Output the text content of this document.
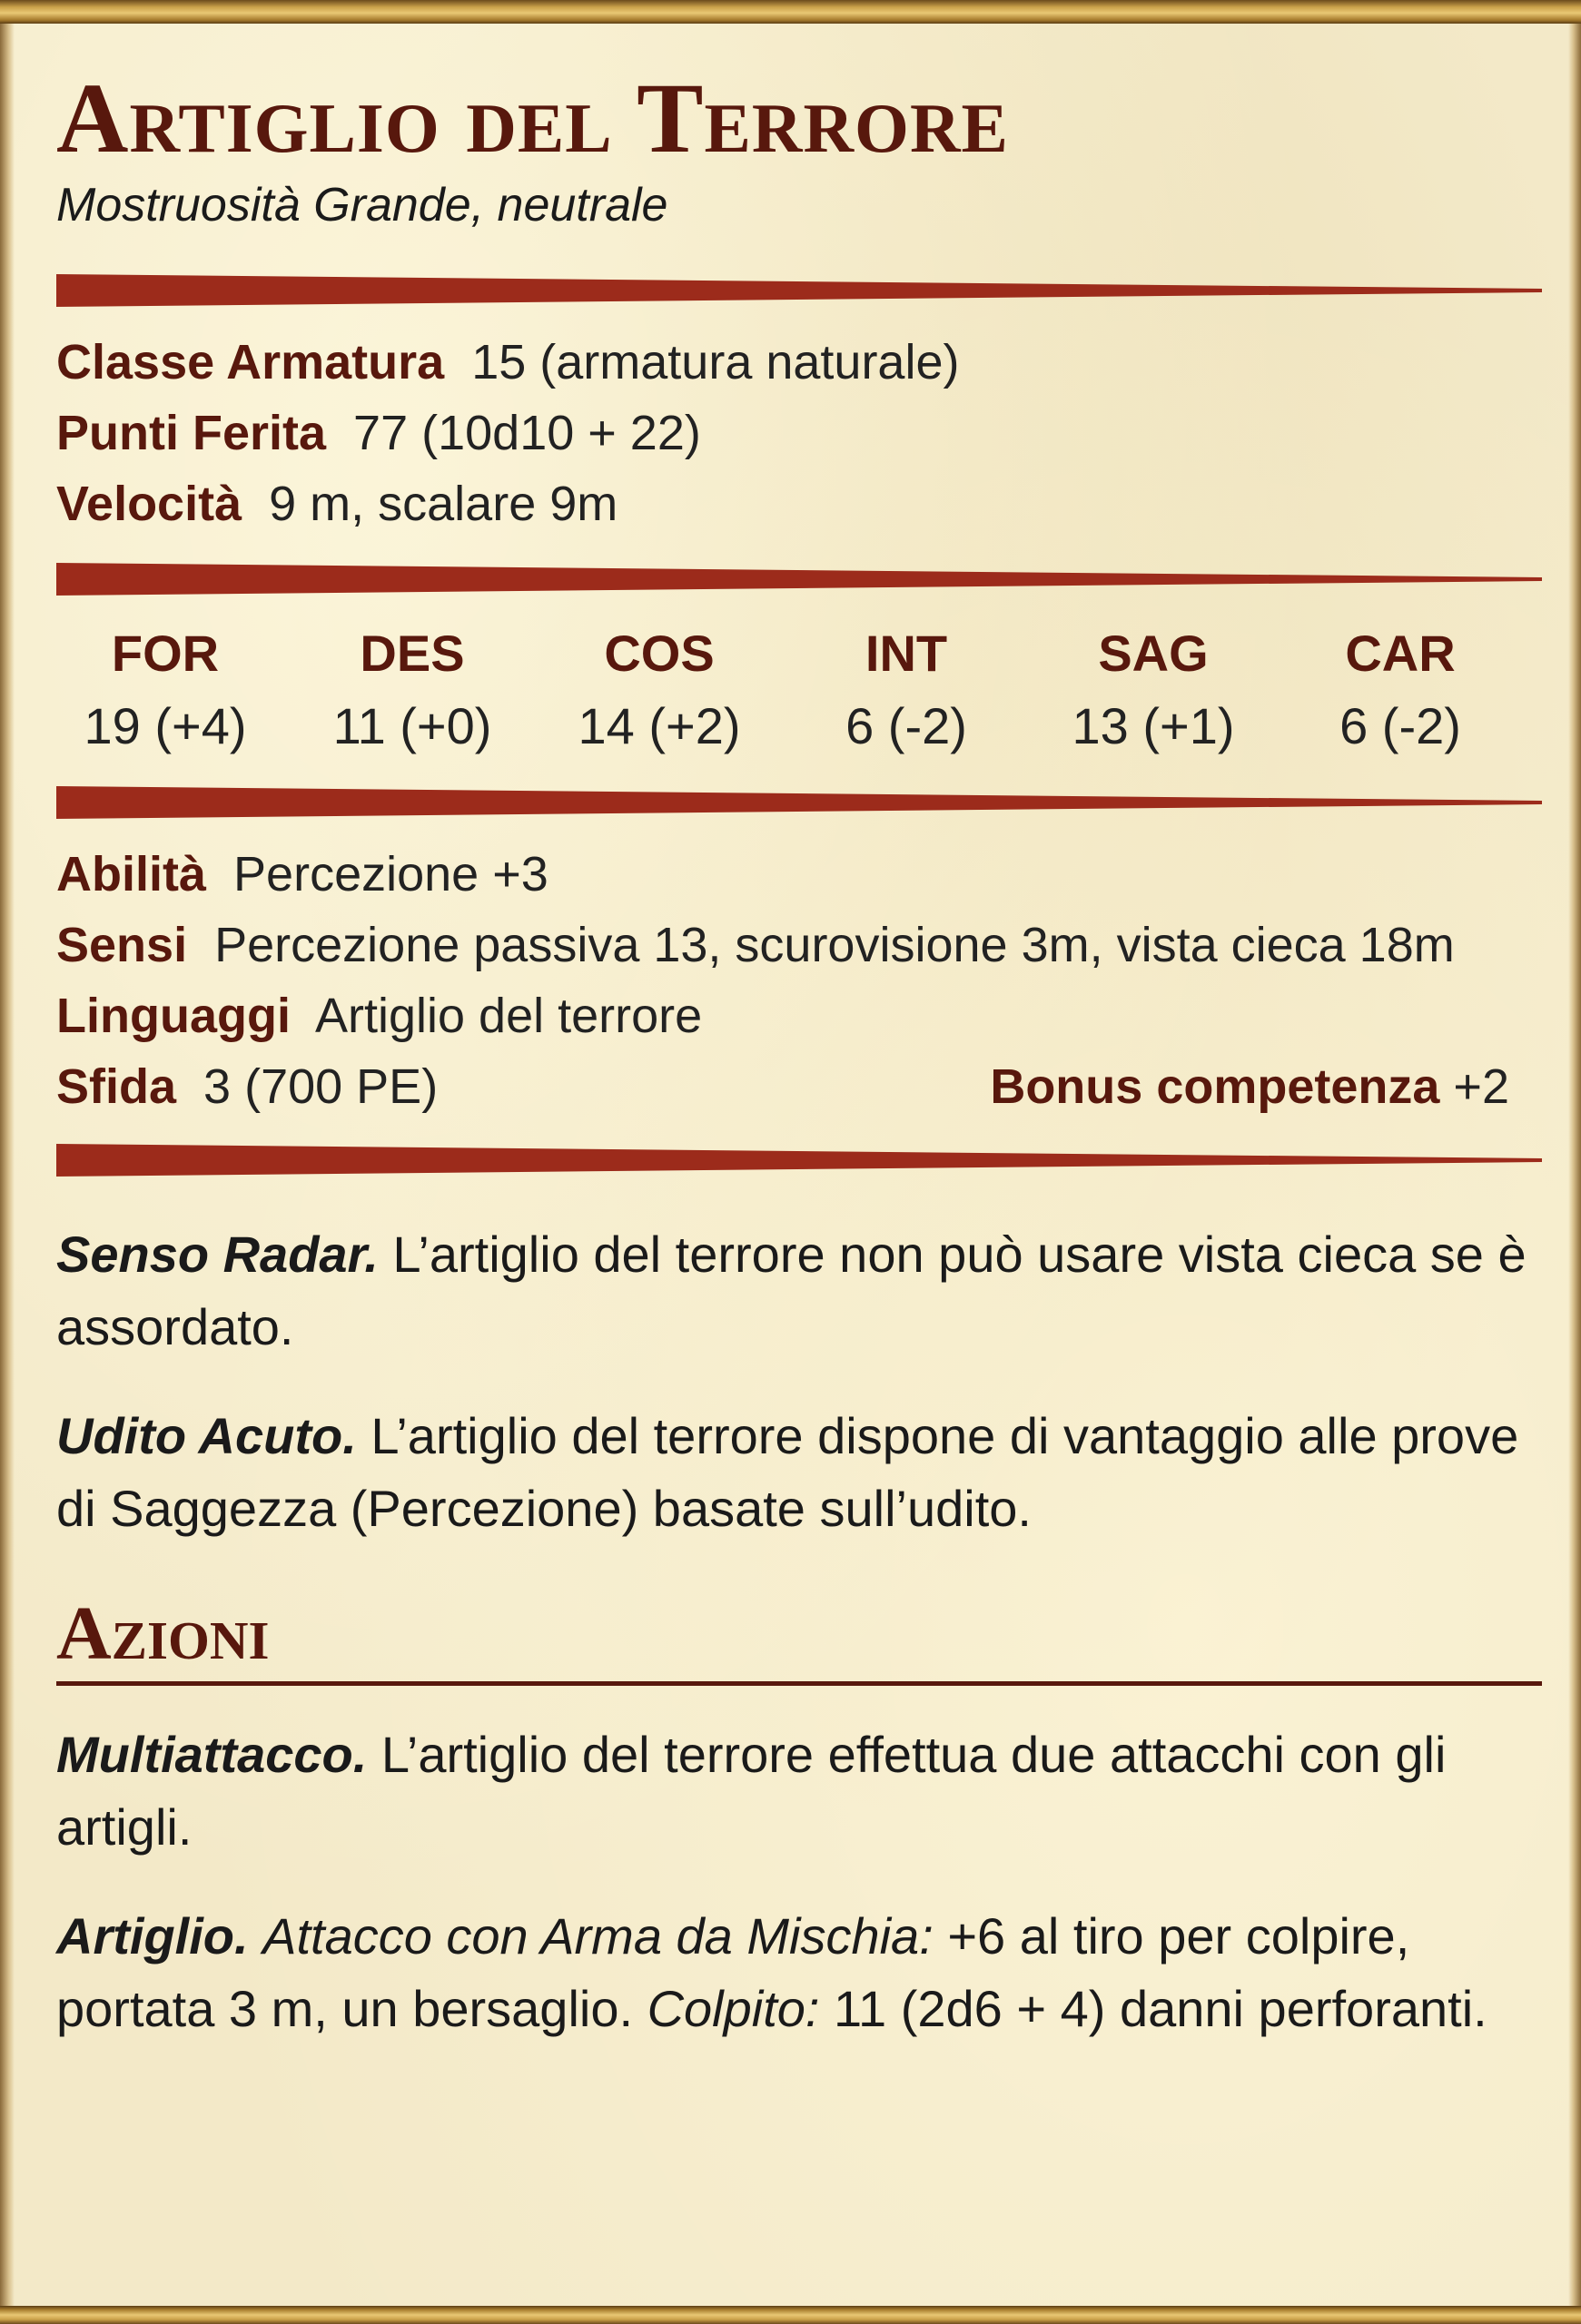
Artiglio del Terrore
Mostruosità Grande, neutrale
Classe Armatura 15 (armatura naturale)
Punti Ferita 77 (10d10 + 22)
Velocità 9 m, scalare 9m
FOR
19 (+4)
DES
11 (+0)
COS
14 (+2)
INT
6 (-2)
SAG
13 (+1)
CAR
6 (-2)
Abilità Percezione +3
Sensi Percezione passiva 13, scurovisione 3m, vista cieca 18m
Linguaggi Artiglio del terrore
Sfida 3 (700 PE)	Bonus competenza +2
Senso Radar. L’artiglio del terrore non può usare vista cieca se è assordato.
Udito Acuto. L’artiglio del terrore dispone di vantaggio alle prove di Saggezza (Percezione) basate sull’udito.
Azioni
Multiattacco. L’artiglio del terrore effettua due attacchi con gli artigli.
Artiglio. Attacco con Arma da Mischia: +6 al tiro per colpire, portata 3 m, un bersaglio. Colpito: 11 (2d6 + 4) danni perforanti.
